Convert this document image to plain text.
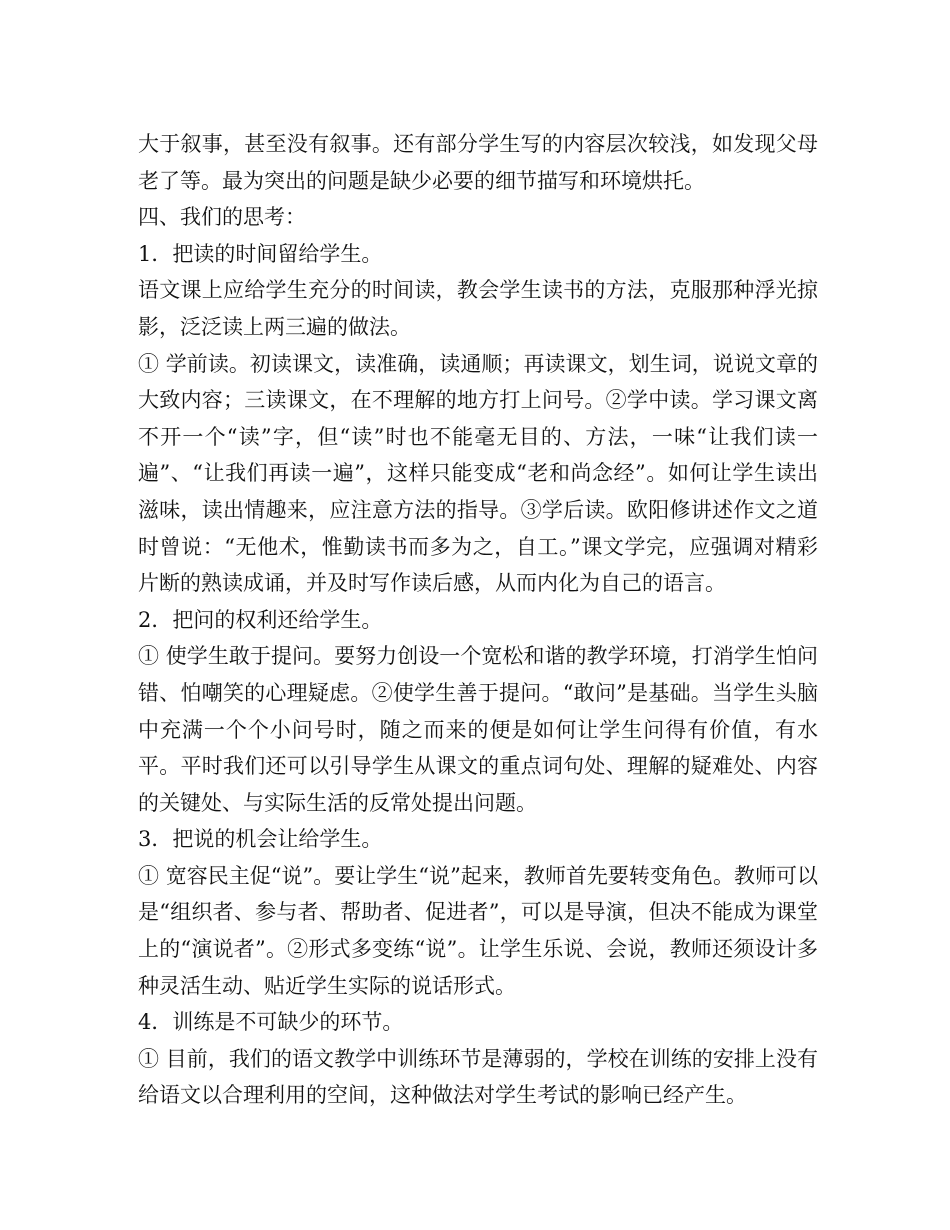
大于叙事，甚至没有叙事。还有部分学生写的内容层次较浅，如发现父母老了等。最为突出的问题是缺少必要的细节描写和环境烘托。

四、我们的思考：

1．把读的时间留给学生。

语文课上应给学生充分的时间读，教会学生读书的方法，克服那种浮光掠影，泛泛读上两三遍的做法。

① 学前读。初读课文，读准确，读通顺；再读课文，划生词，说说文章的大致内容；三读课文，在不理解的地方打上问号。②学中读。学习课文离不开一个“读”字，但“读”时也不能毫无目的、方法，一味“让我们读一遍”、“让我们再读一遍”，这样只能变成“老和尚念经”。如何让学生读出滋味，读出情趣来，应注意方法的指导。③学后读。欧阳修讲述作文之道时曾说：“无他术，惟勤读书而多为之，自工。”课文学完，应强调对精彩片断的熟读成诵，并及时写作读后感，从而内化为自己的语言。

2．把问的权利还给学生。

① 使学生敢于提问。要努力创设一个宽松和谐的教学环境，打消学生怕问错、怕嘲笑的心理疑虑。②使学生善于提问。“敢问”是基础。当学生头脑中充满一个个小问号时，随之而来的便是如何让学生问得有价值，有水平。平时我们还可以引导学生从课文的重点词句处、理解的疑难处、内容的关键处、与实际生活的反常处提出问题。

3．把说的机会让给学生。

① 宽容民主促“说”。要让学生“说”起来，教师首先要转变角色。教师可以是“组织者、参与者、帮助者、促进者”，可以是导演，但决不能成为课堂上的“演说者”。②形式多变练“说”。让学生乐说、会说，教师还须设计多种灵活生动、贴近学生实际的说话形式。

4．训练是不可缺少的环节。

① 目前，我们的语文教学中训练环节是薄弱的，学校在训练的安排上没有给语文以合理利用的空间，这种做法对学生考试的影响已经产生。
